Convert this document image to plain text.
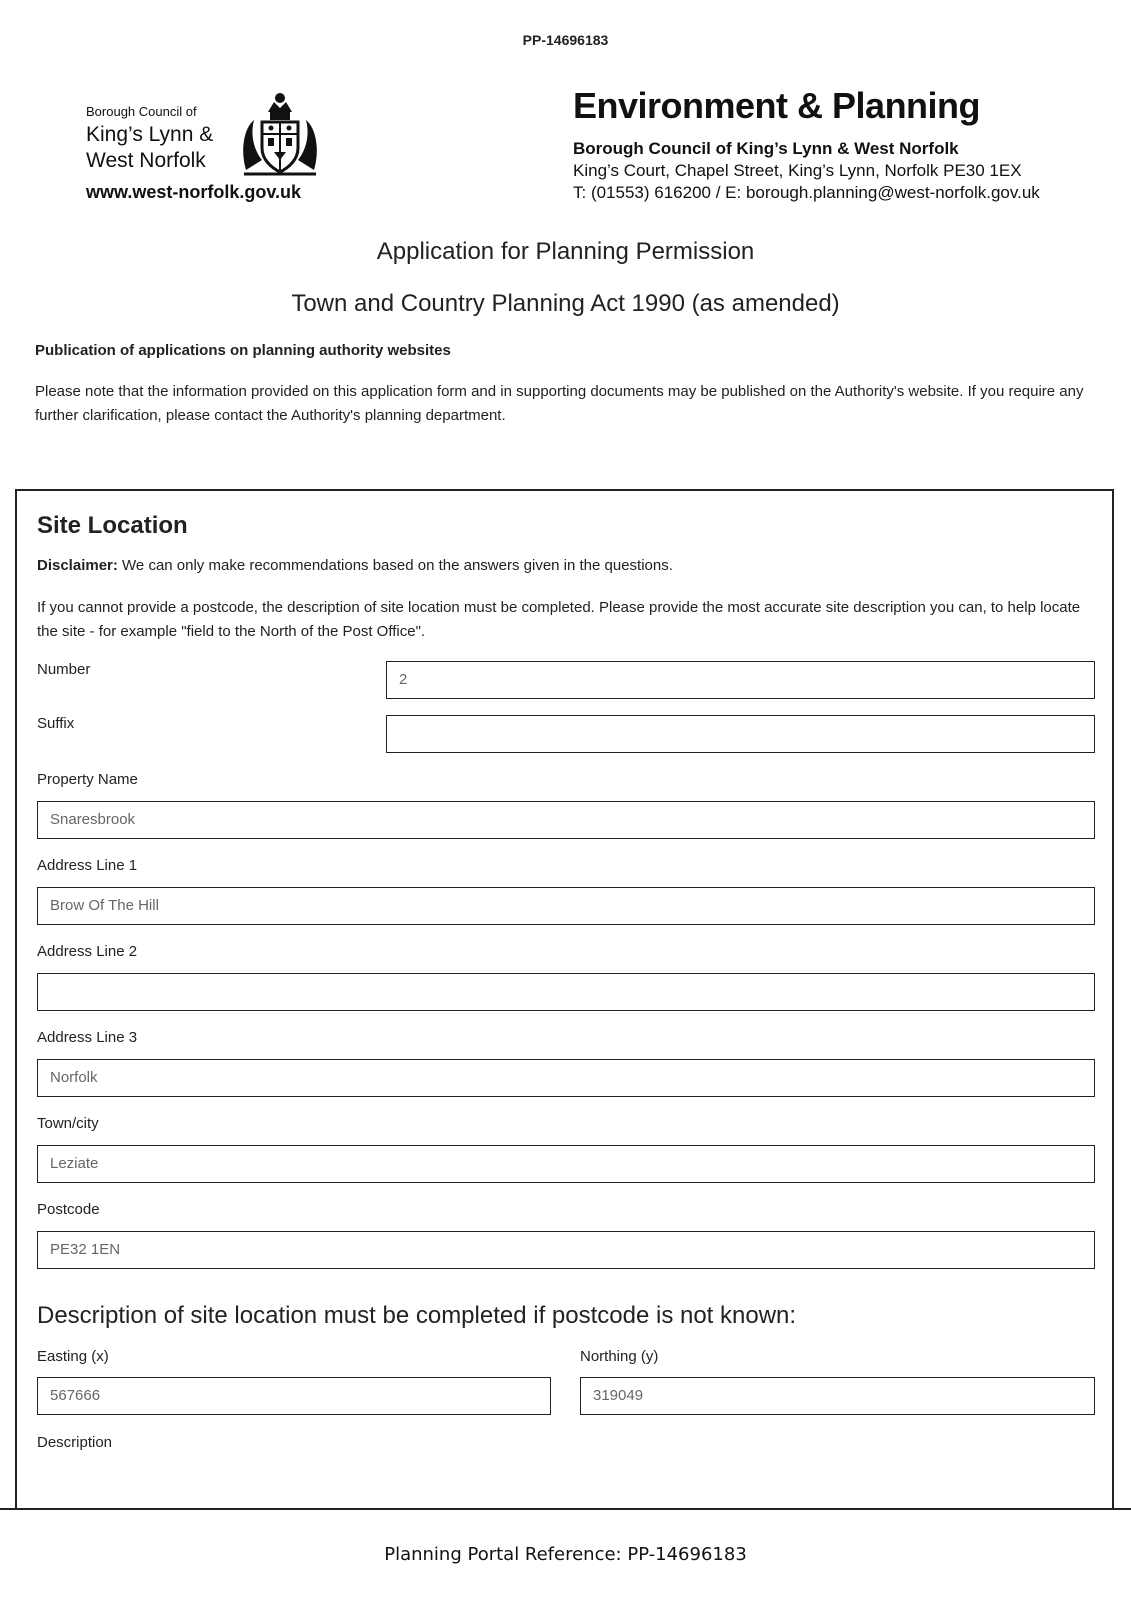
PP-14696183
Borough Council of
King’s Lynn &
West Norfolk
www.west-norfolk.gov.uk
Environment & Planning
Borough Council of King’s Lynn & West Norfolk
King’s Court, Chapel Street, King’s Lynn, Norfolk PE30 1EX
T: (01553) 616200 / E: borough.planning@west-norfolk.gov.uk
Application for Planning Permission
Town and Country Planning Act 1990 (as amended)
Publication of applications on planning authority websites
Please note that the information provided on this application form and in supporting documents may be published on the Authority's website. If you require any further clarification, please contact the Authority's planning department.
Site Location
Disclaimer: We can only make recommendations based on the answers given in the questions.
If you cannot provide a postcode, the description of site location must be completed. Please provide the most accurate site description you can, to help locate the site - for example "field to the North of the Post Office".
Number
2
Suffix
Property Name
Snaresbrook
Address Line 1
Brow Of The Hill
Address Line 2
Address Line 3
Norfolk
Town/city
Leziate
Postcode
PE32 1EN
Description of site location must be completed if postcode is not known:
Easting (x)
567666
Northing (y)
319049
Description
Planning Portal Reference: PP-14696183
